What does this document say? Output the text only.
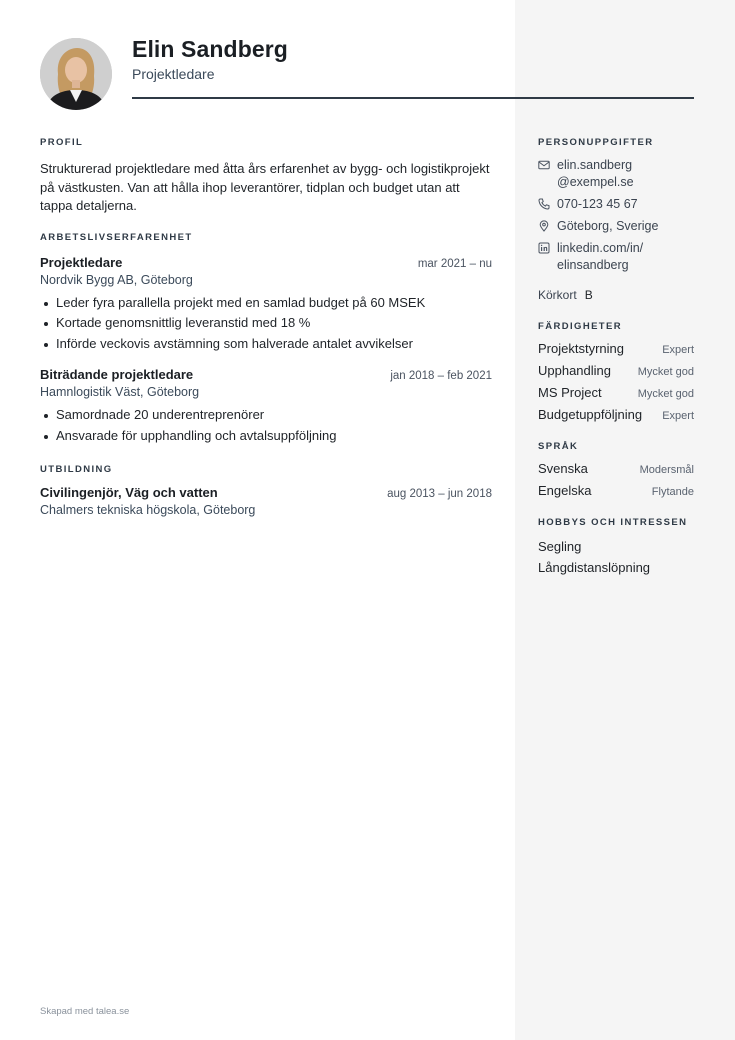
Elin Sandberg
Projektledare
PROFIL

Strukturerad projektledare med åtta års erfarenhet av bygg- och logistikprojekt på västkusten. Van att hålla ihop leverantörer, tidplan och budget utan att tappa detaljerna.

ARBETSLIVSERFARENHET
Projektledare	mar 2021 – nu
Nordvik Bygg AB, Göteborg
Leder fyra parallella projekt med en samlad budget på 60 MSEK
Kortade genomsnittlig leveranstid med 18 %
Införde veckovis avstämning som halverade antalet avvikelser
Biträdande projektledare	jan 2018 – feb 2021
Hamnlogistik Väst, Göteborg
Samordnade 20 underentreprenörer
Ansvarade för upphandling och avtalsuppföljning
UTBILDNING
Civilingenjör, Väg och vatten	aug 2013 – jun 2018
Chalmers tekniska högskola, Göteborg
Skapad med talea.se
PERSONUPPGIFTER
elin.sandberg
@exempel.se
070-123 45 67
Göteborg, Sverige
linkedin.com/in/
elinsandberg
Körkort B
FÄRDIGHETER
Projektstyrning	Expert
Upphandling Mycket god
MS Project	Mycket god
Budgetuppföljning Expert
SPRÅK
Svenska	Modersmål
Engelska	Flytande
HOBBYS OCH INTRESSEN
Segling
Långdistanslöpning
